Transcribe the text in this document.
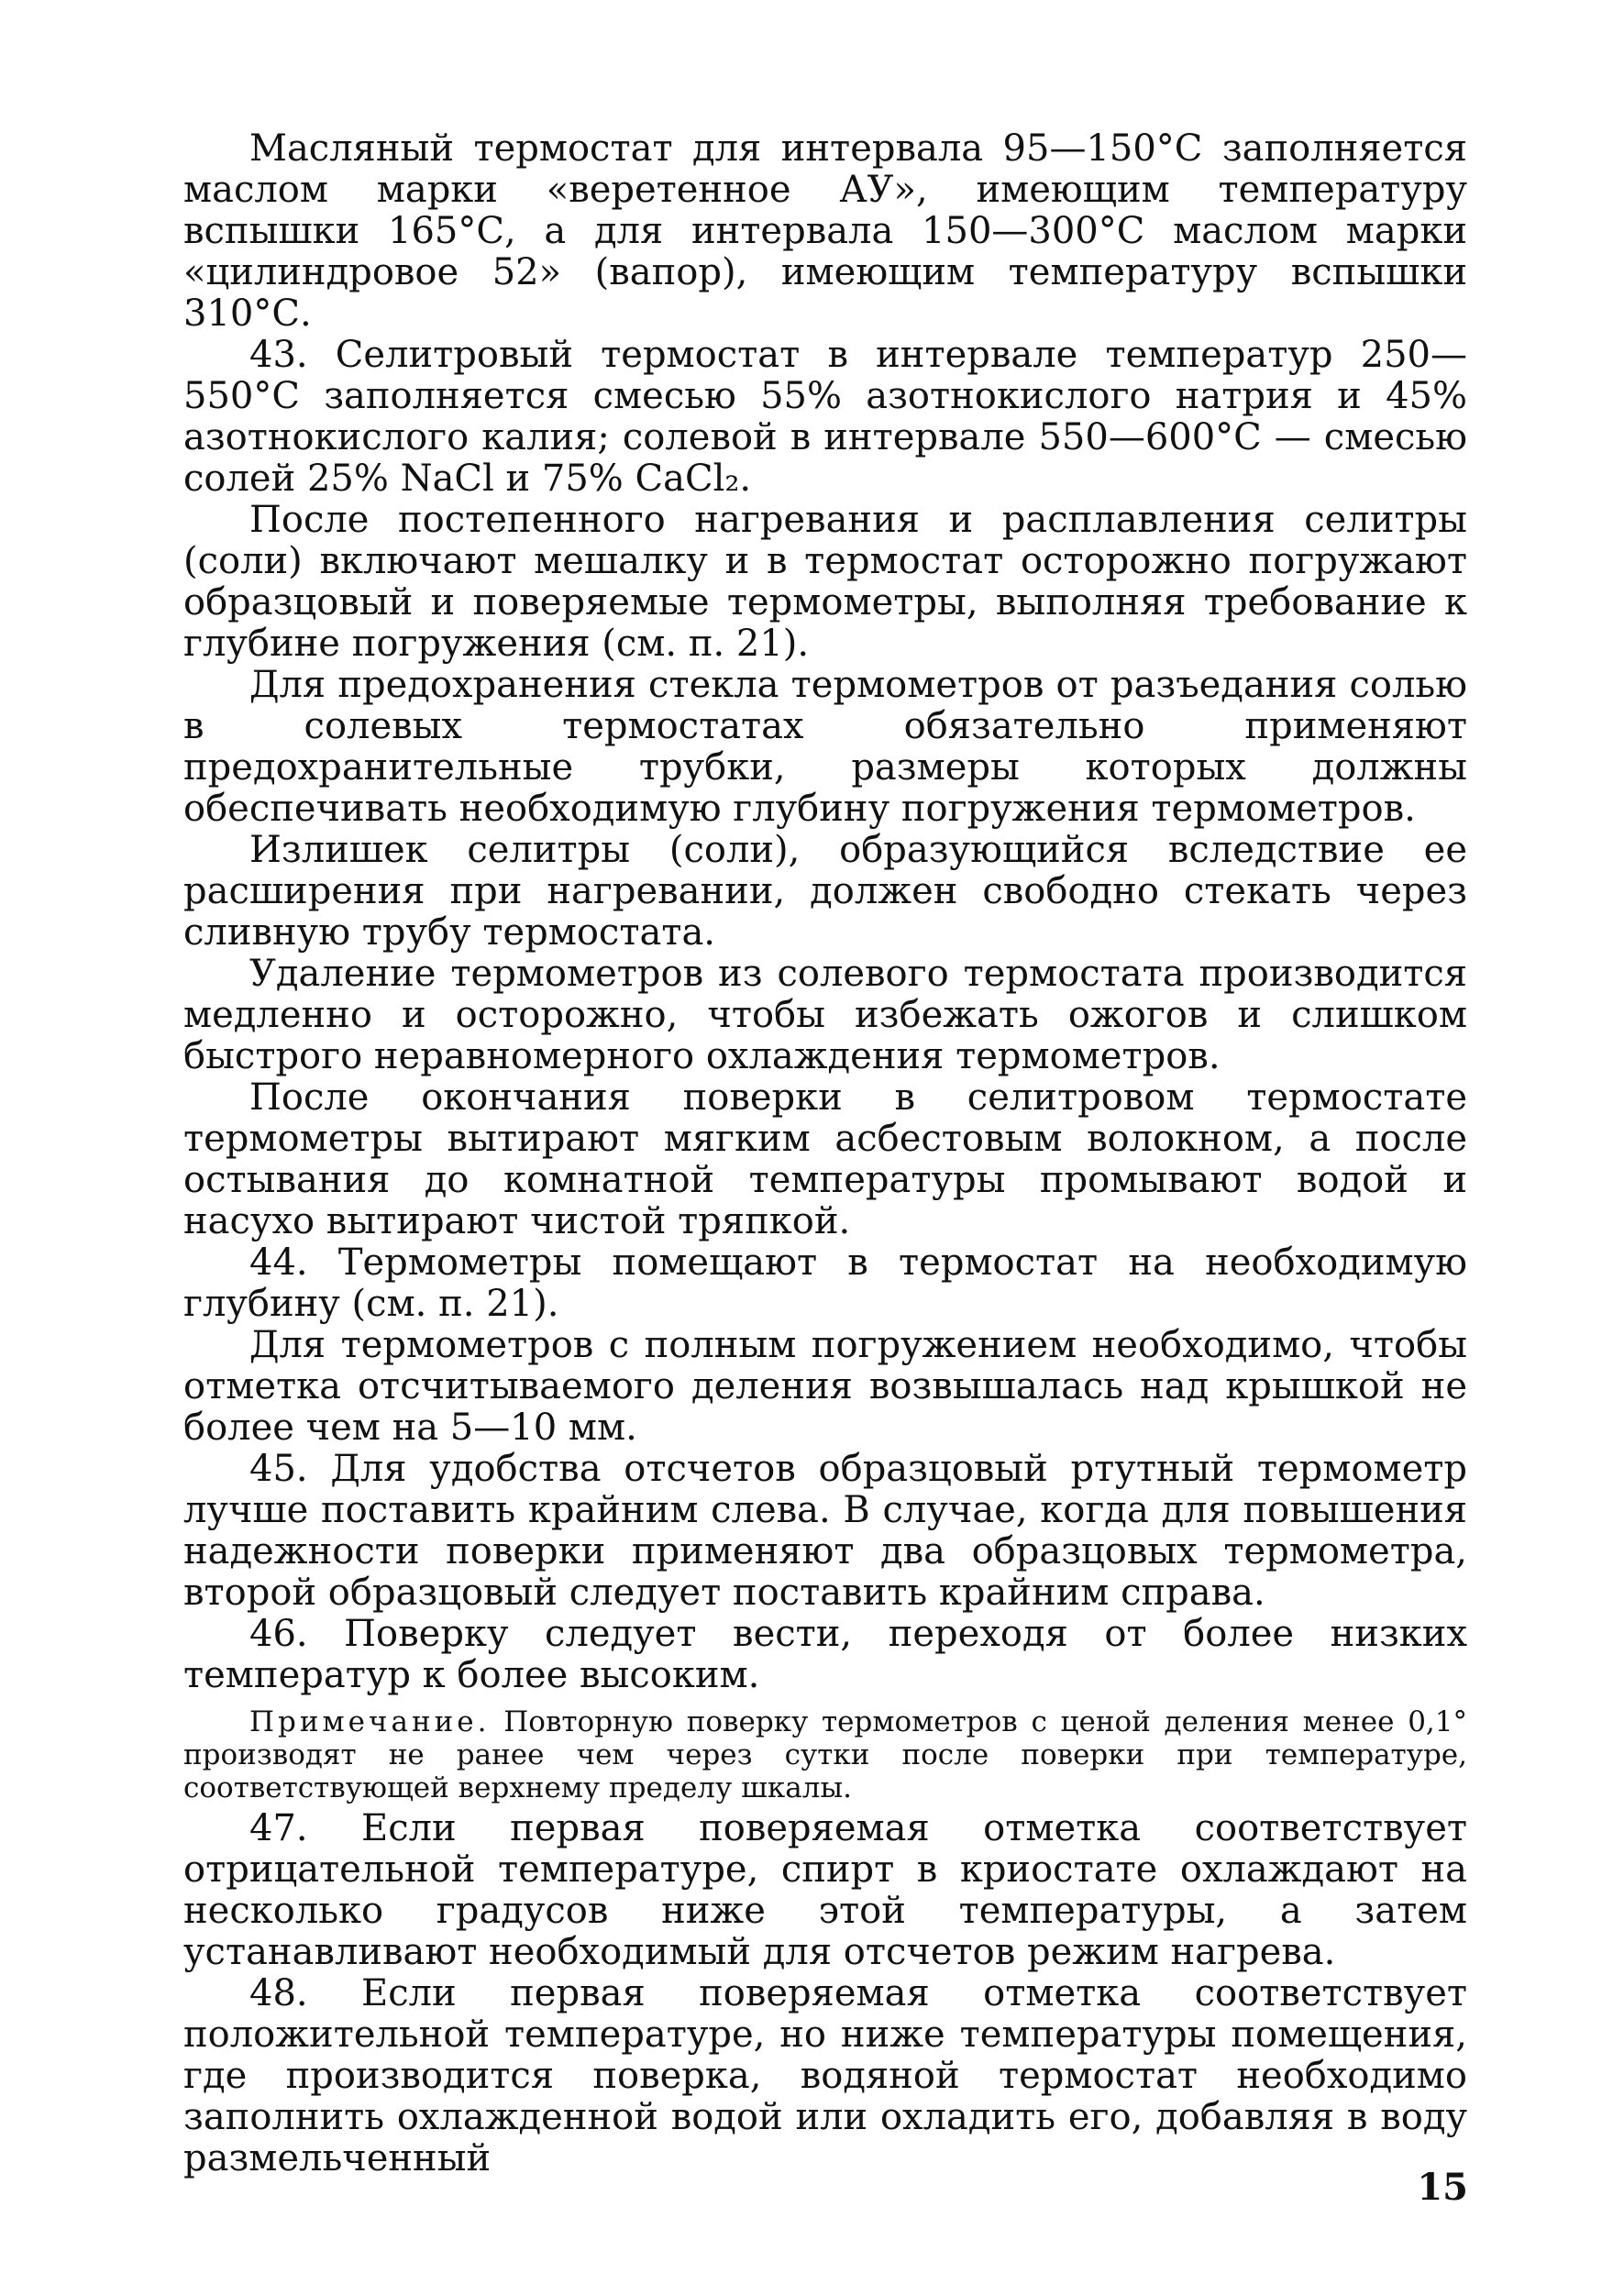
Масляный термостат для интервала 95—150°С заполняется маслом марки «веретенное АУ», имеющим температуру вспышки 165°С, а для интервала 150—300°С маслом марки «цилиндровое 52» (вапор), имеющим температуру вспышки 310°С.

43. Селитровый термостат в интервале температур 250—550°С заполняется смесью 55% азотнокислого натрия и 45% азотнокислого калия; солевой в интервале 550—600°С — смесью солей 25% NaCl и 75% CaCl₂.

После постепенного нагревания и расплавления селитры (соли) включают мешалку и в термостат осторожно погружают образцовый и поверяемые термометры, выполняя требование к глубине погружения (см. п. 21).

Для предохранения стекла термометров от разъедания солью в солевых термостатах обязательно применяют предохранительные трубки, размеры которых должны обеспечивать необходимую глубину погружения термометров.

Излишек селитры (соли), образующийся вследствие ее расширения при нагревании, должен свободно стекать через сливную трубу термостата.

Удаление термометров из солевого термостата производится медленно и осторожно, чтобы избежать ожогов и слишком быстрого неравномерного охлаждения термометров.

После окончания поверки в селитровом термостате термометры вытирают мягким асбестовым волокном, а после остывания до комнатной температуры промывают водой и насухо вытирают чистой тряпкой.

44. Термометры помещают в термостат на необходимую глубину (см. п. 21).

Для термометров с полным погружением необходимо, чтобы отметка отсчитываемого деления возвышалась над крышкой не более чем на 5—10 мм.

45. Для удобства отсчетов образцовый ртутный термометр лучше поставить крайним слева. В случае, когда для повышения надежности поверки применяют два образцовых термометра, второй образцовый следует поставить крайним справа.

46. Поверку следует вести, переходя от более низких температур к более высоким.

Примечание. Повторную поверку термометров с ценой деления менее 0,1° производят не ранее чем через сутки после поверки при температуре, соответствующей верхнему пределу шкалы.

47. Если первая поверяемая отметка соответствует отрицательной температуре, спирт в криостате охлаждают на несколько градусов ниже этой температуры, а затем устанавливают необходимый для отсчетов режим нагрева.

48. Если первая поверяемая отметка соответствует положительной температуре, но ниже температуры помещения, где производится поверка, водяной термостат необходимо заполнить охлажденной водой или охладить его, добавляя в воду размельченный

15
